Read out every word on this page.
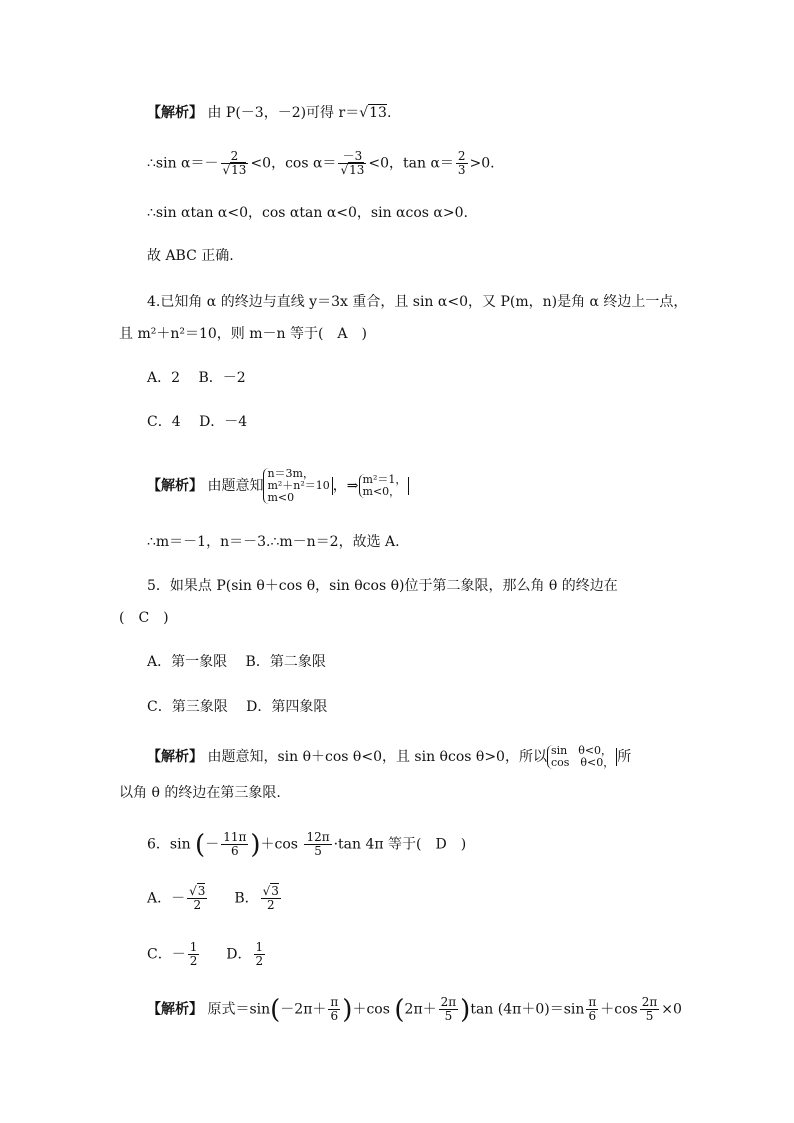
【解析】 由 P(－3，－2)可得 r＝√13.
∴sin $\alpha=- \frac{2}{√13} <0$，$\cos \alpha= \frac{-3}{√13} <0$，$\tan \alpha= \frac{2}{3} >0$.
∴sin αtan α<0，cos αtan α<0，sin αcos α>0.
故 ABC 正确.
4.已知角 α 的终边与直线 y＝3x 重合，且 sin α<0，又 P(m，n)是角 α 终边上一点，
且 m²＋n²＝10，则 m－n 等于(　A　)
A．2　 B．－2
C．4　 D．－4
【解析】 由题意知
n＝3m，
m²＋n²＝10
m<0
，⇒ m²＝1，
m<0，
∴m＝－1，n＝－3.∴m－n＝2，故选 A.
5．如果点 P(sin θ＋cos θ，sin θcos θ)位于第二象限，那么角 θ 的终边在
(　C　)
A．第一象限　 B．第二象限
C．第三象限　 D．第四象限
【解析】 由题意知，sin θ＋cos θ<0，且 sin θcos θ>0，所以 sin　θ<0，
cos　θ<0， 所
以角 θ 的终边在第三象限.
6．sin (－ $\frac{11\pi}{6} )+\cos \frac{12\pi}{5} \cdot\tan$ 4π 等于(　D　)
A．－ $\frac{√3}{2}$ B． $\frac{√3}{2}$
C．－ $\frac{1}{2}$ D． $\frac{1}{2}$
【解析】 原式$=\sin(-2\pi+ \frac{\pi}{6} )+\cos$ $(2\pi+ \frac{2\pi}{5} )\tan$ $(4\pi+0)=\sin \frac{\pi}{6} +\cos \frac{2\pi}{5} \times 0$
